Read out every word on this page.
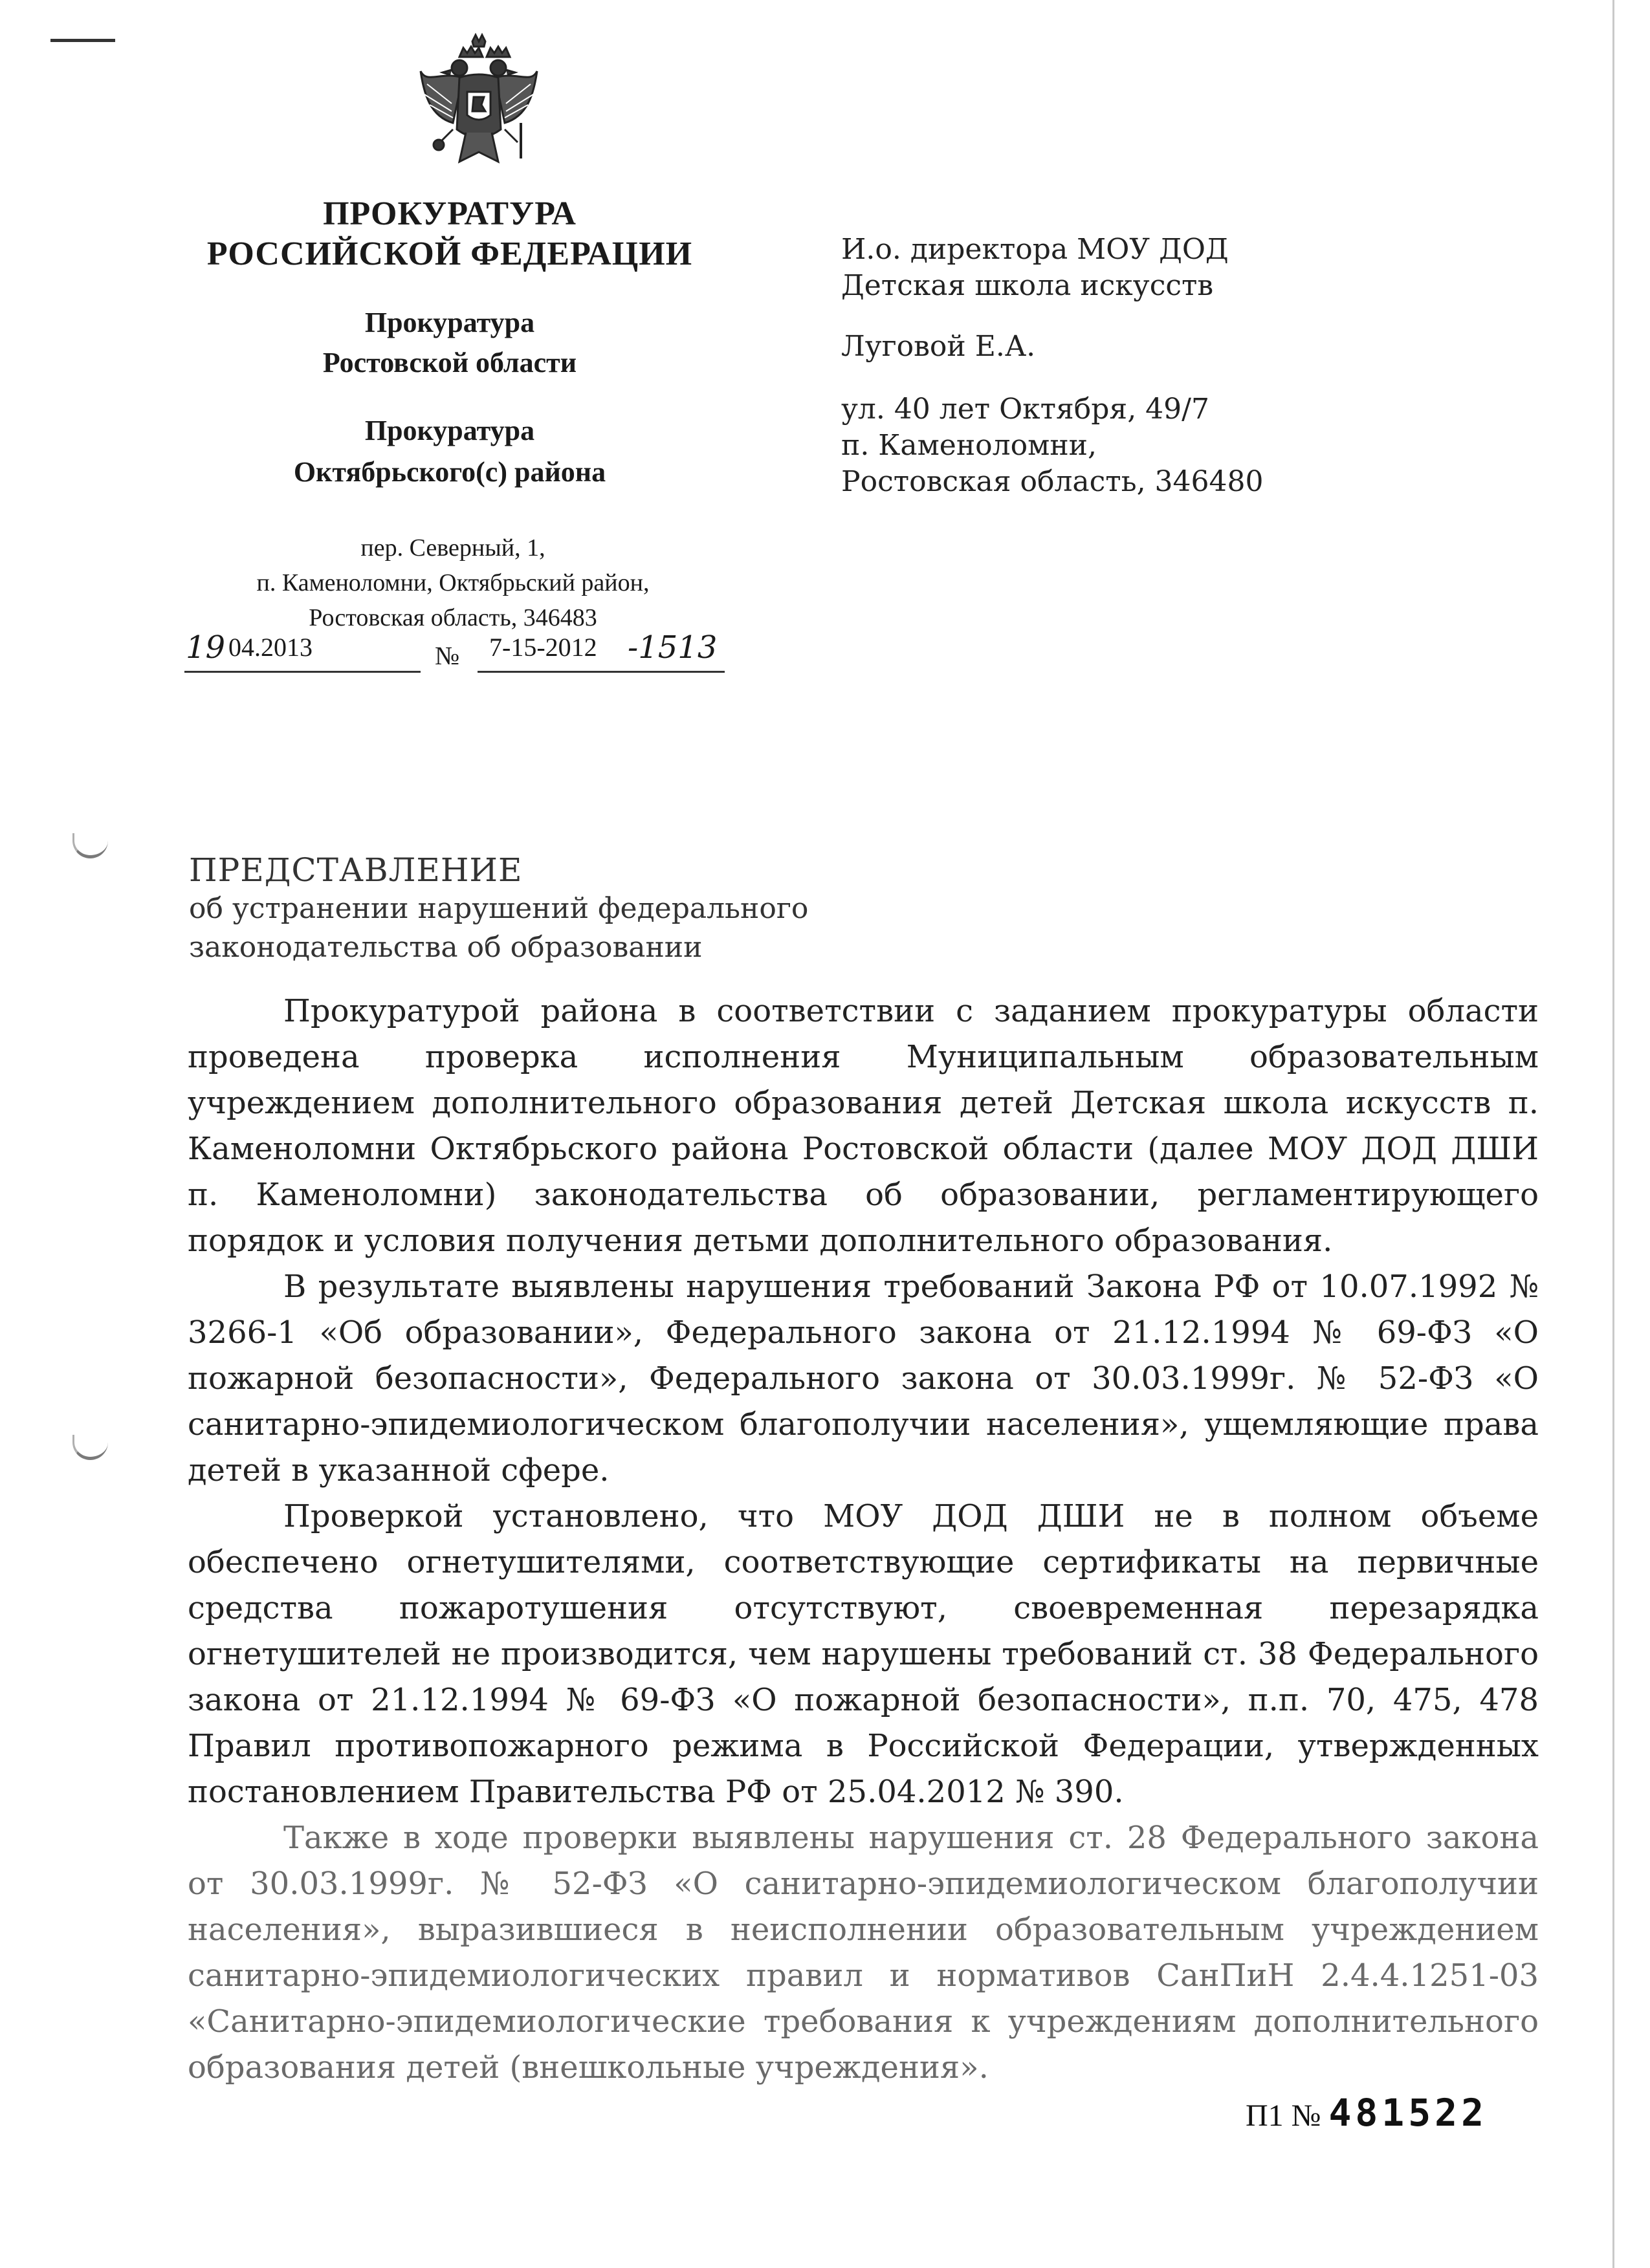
ПРОКУРАТУРА
РОССИЙСКОЙ ФЕДЕРАЦИИ
Прокуратура
Ростовской области
Прокуратура
Октябрьского(с) района
пер. Северный, 1,
п. Каменоломни, Октябрьский район,
Ростовская область, 346483
19 04.2013	№ 7-15-2012 -1513
И.о. директора МОУ ДОД
Детская школа искусств
Луговой Е.А.
ул. 40 лет Октября, 49/7
п. Каменоломни,
Ростовская область, 346480
ПРЕДСТАВЛЕНИЕ
об устранении нарушений федерального
законодательства об образовании

Прокуратурой района в соответствии с заданием прокуратуры области проведена проверка исполнения Муниципальным образовательным учреждением дополнительного образования детей Детская школа искусств п. Каменоломни Октябрьского района Ростовской области (далее МОУ ДОД ДШИ п. Каменоломни) законодательства об образовании, регламентирующего порядок и условия получения детьми дополнительного образования.

В результате выявлены нарушения требований Закона РФ от 10.07.1992 № 3266-1 «Об образовании», Федерального закона от 21.12.1994 № 69-ФЗ «О пожарной безопасности», Федерального закона от 30.03.1999г. № 52-ФЗ «О санитарно-эпидемиологическом благополучии населения», ущемляющие права детей в указанной сфере.

Проверкой установлено, что МОУ ДОД ДШИ не в полном объеме обеспечено огнетушителями, соответствующие сертификаты на первичные средства пожаротушения отсутствуют, своевременная перезарядка огнетушителей не производится, чем нарушены требований ст. 38 Федерального закона от 21.12.1994 № 69-ФЗ «О пожарной безопасности», п.п. 70, 475, 478 Правил противопожарного режима в Российской Федерации, утвержденных постановлением Правительства РФ от 25.04.2012 № 390.

Также в ходе проверки выявлены нарушения ст. 28 Федерального закона от 30.03.1999г. № 52-ФЗ «О санитарно-эпидемиологическом благополучии населения», выразившиеся в неисполнении образовательным учреждением санитарно-эпидемиологических правил и нормативов СанПиН 2.4.4.1251-03 «Санитарно-эпидемиологические требования к учреждениям дополнительного образования детей (внешкольные учреждения».

П1 № 481522
